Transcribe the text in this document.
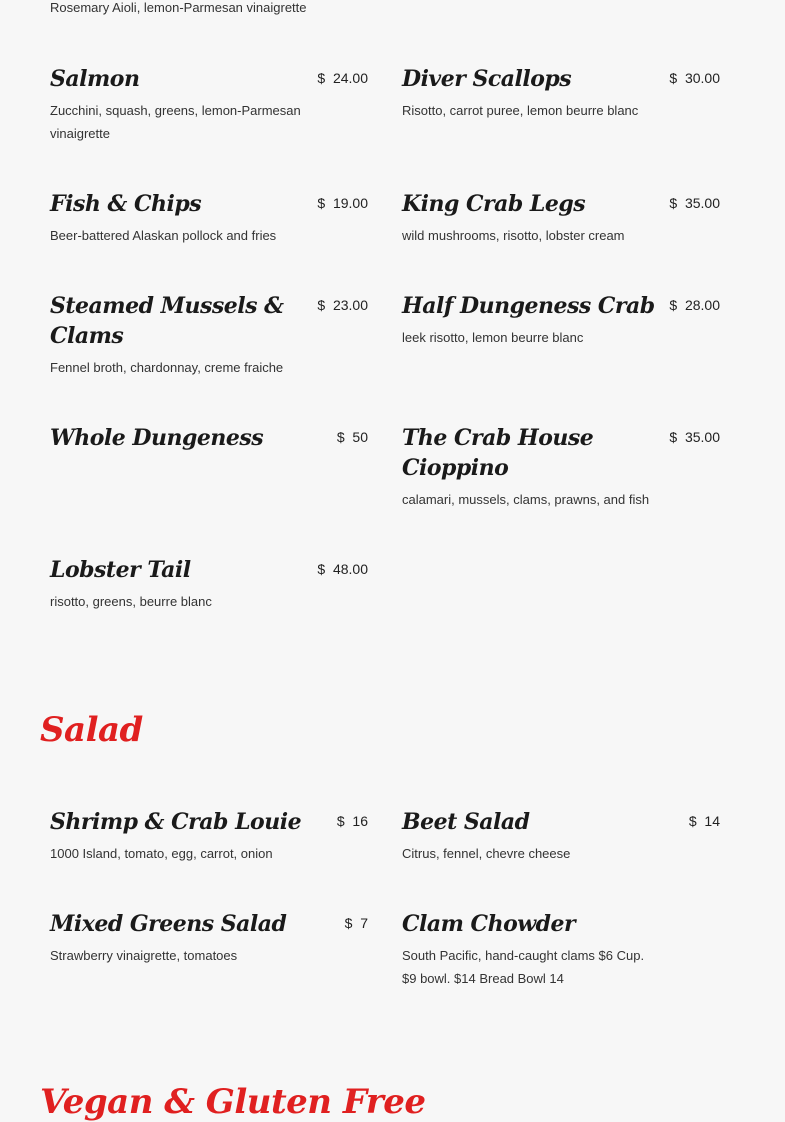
Rosemary Aioli, lemon-Parmesan vinaigrette
Salmon	$ 24.00
Zucchini, squash, greens, lemon-Parmesan vinaigrette
Diver Scallops	$ 30.00
Risotto, carrot puree, lemon beurre blanc
Fish & Chips	$ 19.00
Beer-battered Alaskan pollock and fries
King Crab Legs	$ 35.00
wild mushrooms, risotto, lobster cream
Steamed Mussels & Clams
$ 23.00
Fennel broth, chardonnay, creme fraiche
Half Dungeness Crab	$ 28.00
leek risotto, lemon beurre blanc
Whole Dungeness	$ 50 The Crab House Cioppino
$ 35.00
calamari, mussels, clams, prawns, and fish
Lobster Tail	$ 48.00
risotto, greens, beurre blanc
Salad
Shrimp & Crab Louie	$ 16
1000 Island, tomato, egg, carrot, onion
Beet Salad	$ 14
Citrus, fennel, chevre cheese
Mixed Greens Salad	$ 7
Strawberry vinaigrette, tomatoes
Clam Chowder
South Pacific, hand-caught clams $6 Cup. $9 bowl. $14 Bread Bowl 14
Vegan & Gluten Free
